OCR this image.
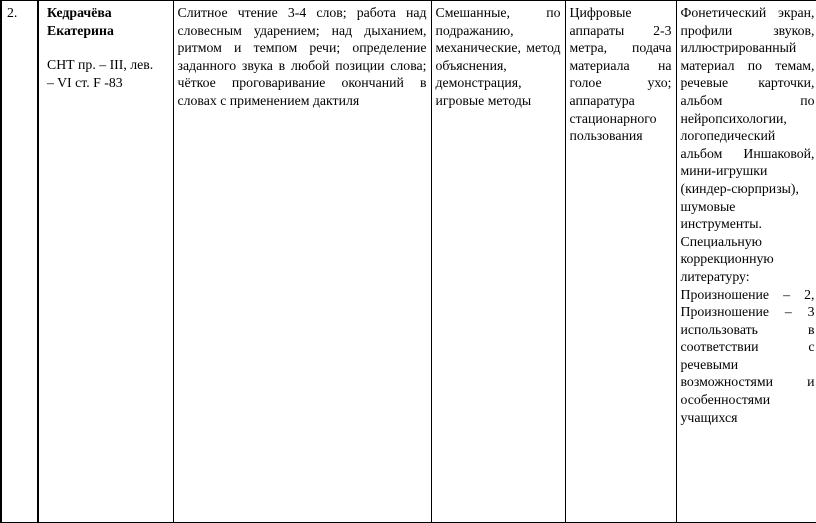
2.	Кедрачёва
Екатерина
СНТ пр. – III, лев.
– VI ст. F -83
	Слитное чтение 3-4 слов; работа над словесным ударением; над дыханием, ритмом и темпом речи; определение заданного звука в любой позиции слова; чёткое проговаривание окончаний в словах с применением дактиля	Смешанные, по подражанию, механические, метод объяснения, демонстрация, игровые методы	Цифровые аппараты 2-3 метра, подача материала на голое ухо; аппаратура стационарного пользования	Фонетический экран, профили звуков, иллюстрированный материал по темам, речевые карточки, альбом по нейропсихологии, логопедический альбом Иншаковой, мини-игрушки (киндер-сюрпризы), шумовые инструменты. Специальную коррекционную литературу: Произношение – 2, Произношение – 3 использовать в соответствии с речевыми возможностями и особенностями учащихся
